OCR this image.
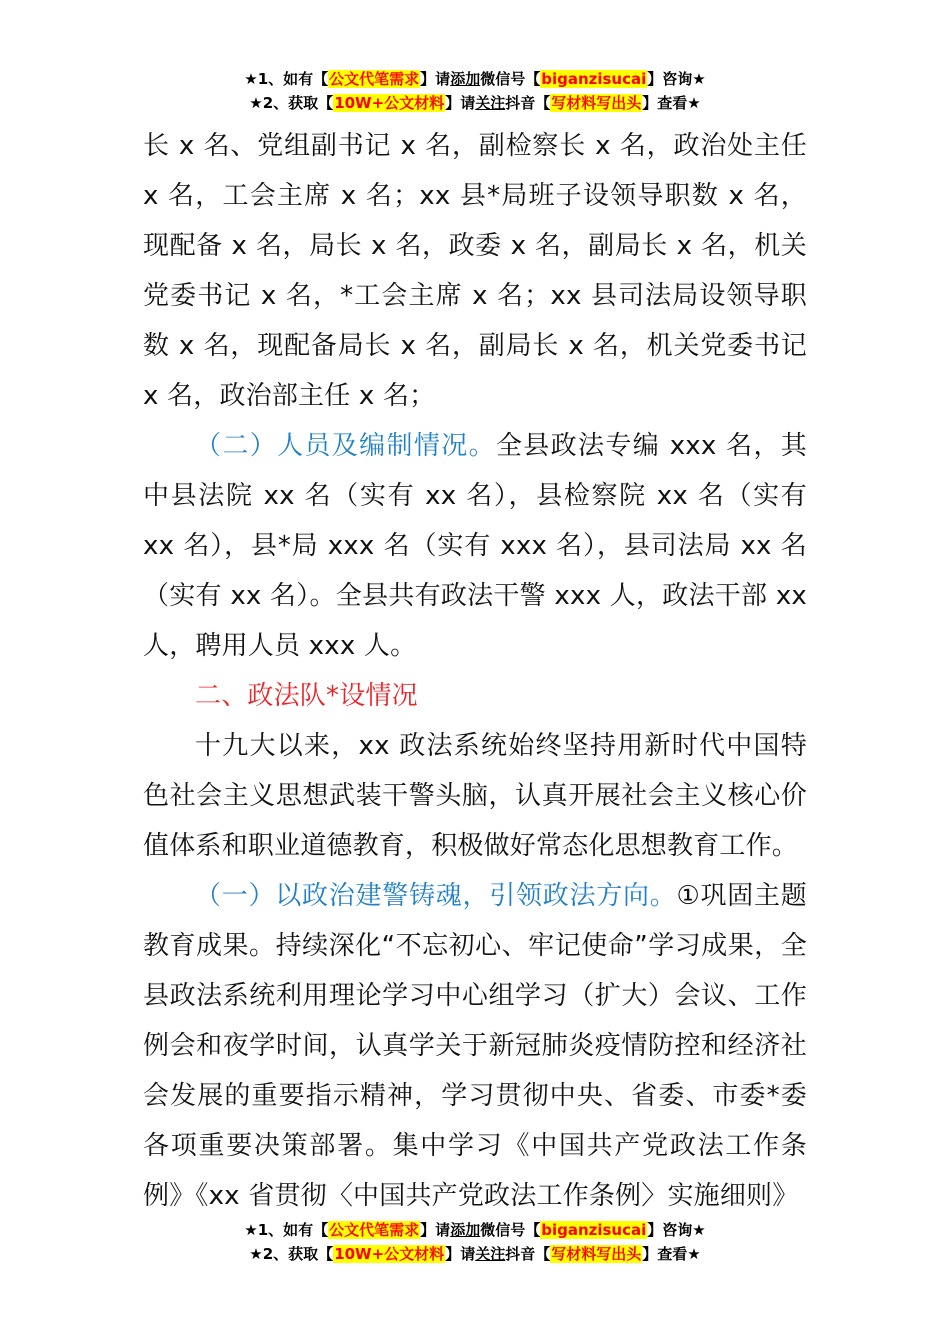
★1、如有【公文代笔需求】请添加微信号【biganzisucai】咨询★
★2、获取【10W+公文材料】请关注抖音【写材料写出头】查看★

长 x 名、党组副书记 x 名，副检察长 x 名，政治处主任 x 名，工会主席 x 名；xx 县*局班子设领导职数 x 名，现配备 x 名，局长 x 名，政委 x 名，副局长 x 名，机关党委书记 x 名，*工会主席 x 名；xx 县司法局设领导职数 x 名，现配备局长 x 名，副局长 x 名，机关党委书记 x 名，政治部主任 x 名；

（二）人员及编制情况。全县政法专编 xxx 名，其中县法院 xx 名（实有 xx 名），县检察院 xx 名（实有 xx 名），县*局 xxx 名（实有 xxx 名），县司法局 xx 名（实有 xx 名）。全县共有政法干警 xxx 人，政法干部 xx 人，聘用人员 xxx 人。

二、政法队*设情况

十九大以来，xx 政法系统始终坚持用新时代中国特色社会主义思想武装干警头脑，认真开展社会主义核心价值体系和职业道德教育，积极做好常态化思想教育工作。

（一）以政治建警铸魂，引领政法方向。①巩固主题教育成果。持续深化“不忘初心、牢记使命”学习成果，全县政法系统利用理论学习中心组学习（扩大）会议、工作例会和夜学时间，认真学关于新冠肺炎疫情防控和经济社会发展的重要指示精神，学习贯彻中央、省委、市委*委各项重要决策部署。集中学习《中国共产党政法工作条例》《xx 省贯彻〈中国共产党政法工作条例〉实施细则》

★1、如有【公文代笔需求】请添加微信号【biganzisucai】咨询★
★2、获取【10W+公文材料】请关注抖音【写材料写出头】查看★
